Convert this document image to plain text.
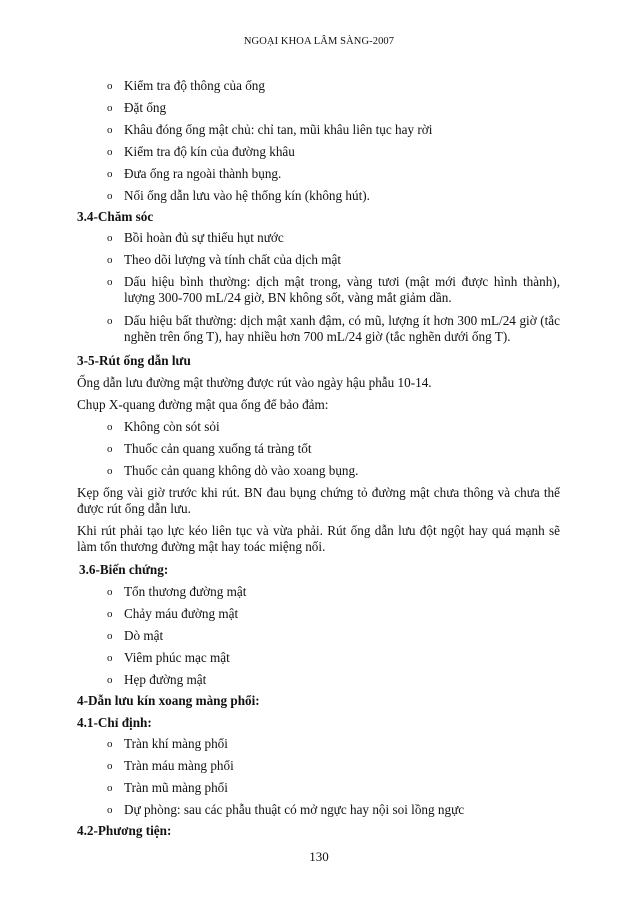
NGOẠI KHOA LÂM SÀNG-2007
o Kiểm tra độ thông của ống
o Đặt ống
o Khâu đóng ống mật chủ: chỉ tan, mũi khâu liên tục hay rời
o Kiểm tra độ kín của đường khâu
o Đưa ống ra ngoài thành bụng.
o Nối ống dẫn lưu vào hệ thống kín (không hút).
3.4-Chăm sóc
o Bồi hoàn đủ sự thiếu hụt nước
o Theo dõi lượng và tính chất của dịch mật
o Dấu hiệu bình thường: dịch mật trong, vàng tươi (mật mới được hình thành), lượng 300-700 mL/24 giờ, BN không sốt, vàng mắt giảm dần.
o Dấu hiệu bất thường: dịch mật xanh đậm, có mũ, lượng ít hơn 300 mL/24 giờ (tắc nghẽn trên ống T), hay nhiều hơn 700 mL/24 giờ (tắc nghẽn dưới ống T).
3-5-Rút ống dẫn lưu
Ống dẫn lưu đường mật thường được rút vào ngày hậu phẫu 10-14.
Chụp X-quang đường mật qua ống để bảo đảm:
o Không còn sót sỏi
o Thuốc cản quang xuống tá tràng tốt
o Thuốc cản quang không dò vào xoang bụng.
Kẹp ống vài giờ trước khi rút. BN đau bụng chứng tỏ đường mật chưa thông và chưa thể được rút ống dẫn lưu.
Khi rút phải tạo lực kéo liên tục và vừa phải. Rút ống dẫn lưu đột ngột hay quá mạnh sẽ làm tổn thương đường mật hay toác miệng nối.
3.6-Biến chứng:
o Tổn thương đường mật
o Chảy máu đường mật
o Dò mật
o Viêm phúc mạc mật
o Hẹp đường mật
4-Dẫn lưu kín xoang màng phổi:
4.1-Chỉ định:
o Tràn khí màng phổi
o Tràn máu màng phổi
o Tràn mũ màng phổi
o Dự phòng: sau các phẫu thuật có mở ngực hay nội soi lồng ngực
4.2-Phương tiện:
130
